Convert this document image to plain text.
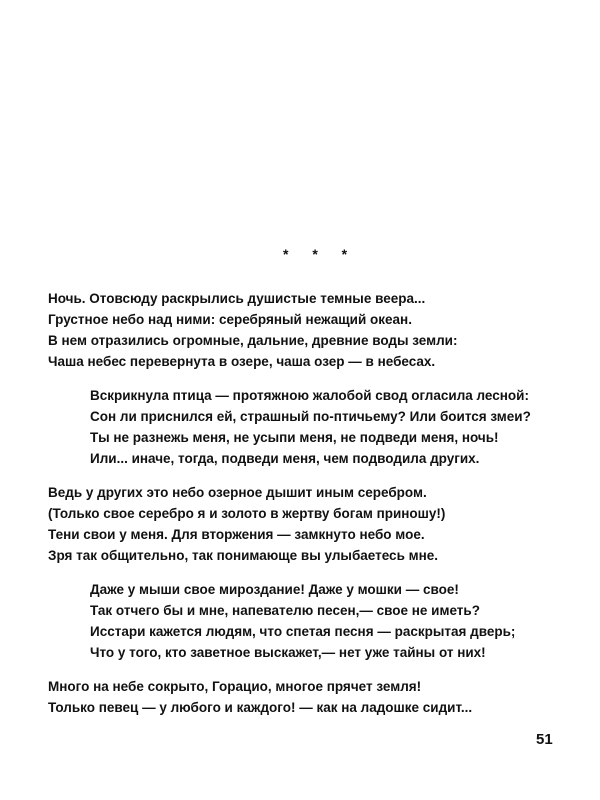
* * *
Ночь. Отовсюду раскрылись душистые темные веера...
Грустное небо над ними: серебряный нежащий океан.
В нем отразились огромные, дальние, древние воды земли:
Чаша небес перевернута в озере, чаша озер — в небесах.
Вскрикнула птица — протяжною жалобой свод огласила лесной:
Сон ли приснился ей, страшный по-птичьему? Или боится змеи?
Ты не разнежь меня, не усыпи меня, не подведи меня, ночь!
Или... иначе, тогда, подведи меня, чем подводила других.
Ведь у других это небо озерное дышит иным серебром.
(Только свое серебро я и золото в жертву богам приношу!)
Тени свои у меня. Для вторжения — замкнуто небо мое.
Зря так общительно, так понимающе вы улыбаетесь мне.
Даже у мыши свое мироздание! Даже у мошки — свое!
Так отчего бы и мне, напевателю песен,— свое не иметь?
Исстари кажется людям, что спетая песня — раскрытая дверь;
Что у того, кто заветное выскажет,— нет уже тайны от них!
Много на небе сокрыто, Горацио, многое прячет земля!
Только певец — у любого и каждого! — как на ладошке сидит...
51
